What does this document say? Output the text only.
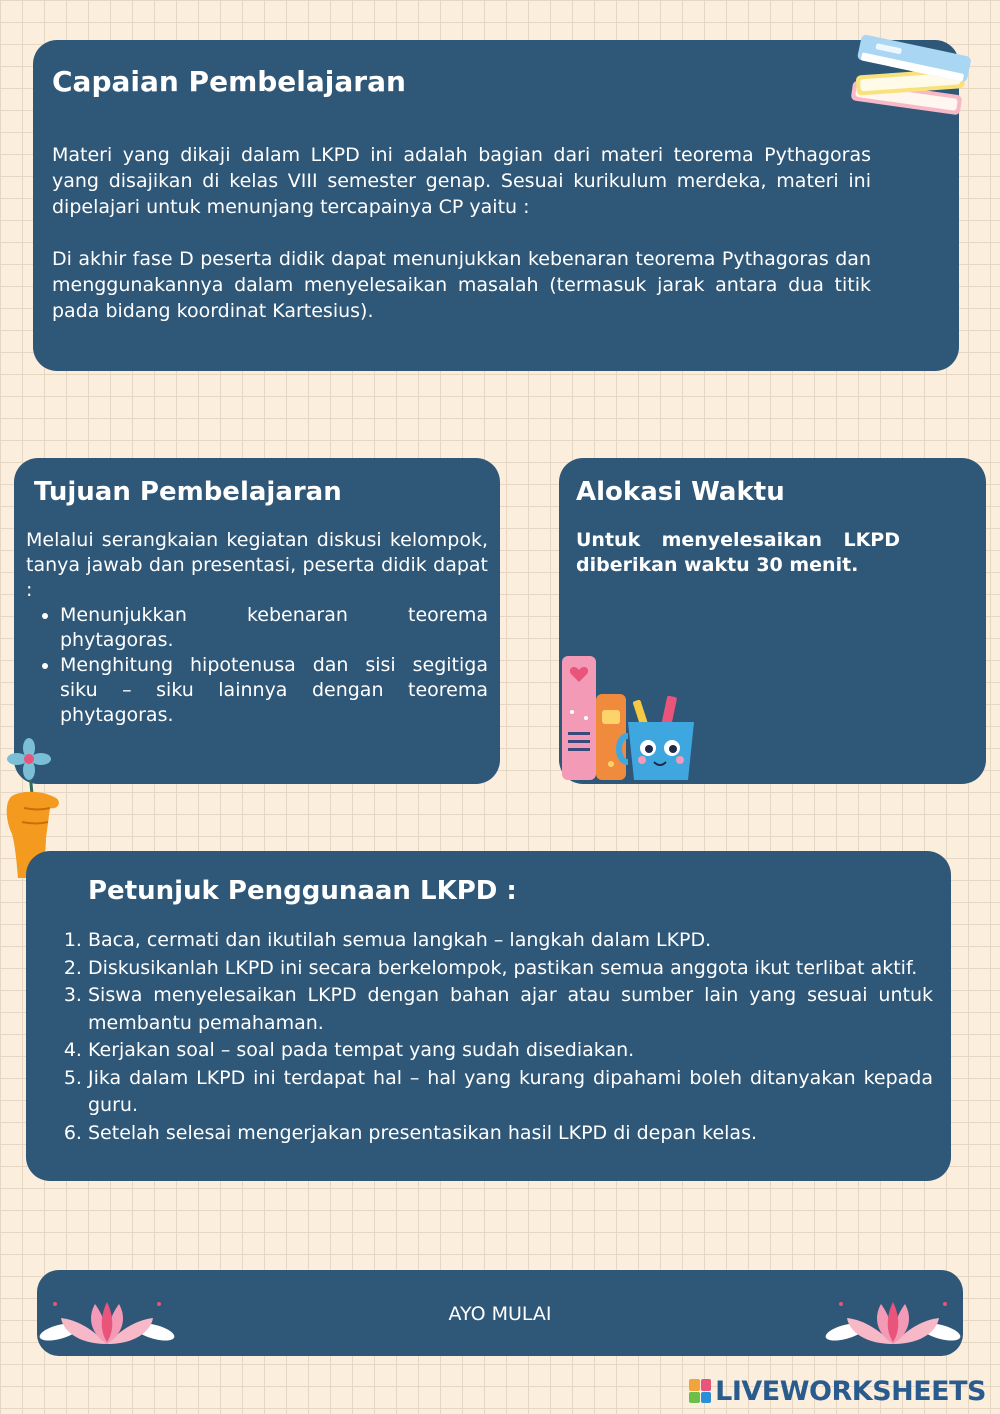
Capaian Pembelajaran

Materi yang dikaji dalam LKPD ini adalah bagian dari materi teorema Pythagoras yang disajikan di kelas VIII semester genap. Sesuai kurikulum merdeka, materi ini dipelajari untuk menunjang tercapainya CP yaitu :

Di akhir fase D peserta didik dapat menunjukkan kebenaran teorema Pythagoras dan menggunakannya dalam menyelesaikan masalah (termasuk jarak antara dua titik pada bidang koordinat Kartesius).

Tujuan Pembelajaran

Melalui serangkaian kegiatan diskusi kelompok, tanya jawab dan presentasi, peserta didik dapat :

• Menunjukkan kebenaran teorema phytagoras.
• Menghitung hipotenusa dan sisi segitiga siku – siku lainnya dengan teorema phytagoras.
Alokasi Waktu

Untuk menyelesaikan LKPD diberikan waktu 30 menit.

Petunjuk Penggunaan LKPD :
1. Baca, cermati dan ikutilah semua langkah – langkah dalam LKPD.
2. Diskusikanlah LKPD ini secara berkelompok, pastikan semua anggota ikut terlibat aktif.
3. Siswa menyelesaikan LKPD dengan bahan ajar atau sumber lain yang sesuai untuk membantu pemahaman.
4. Kerjakan soal – soal pada tempat yang sudah disediakan.
5. Jika dalam LKPD ini terdapat hal – hal yang kurang dipahami boleh ditanyakan kepada guru.
6. Setelah selesai mengerjakan presentasikan hasil LKPD di depan kelas.
AYO MULAI
LIVEWORKSHEETS
